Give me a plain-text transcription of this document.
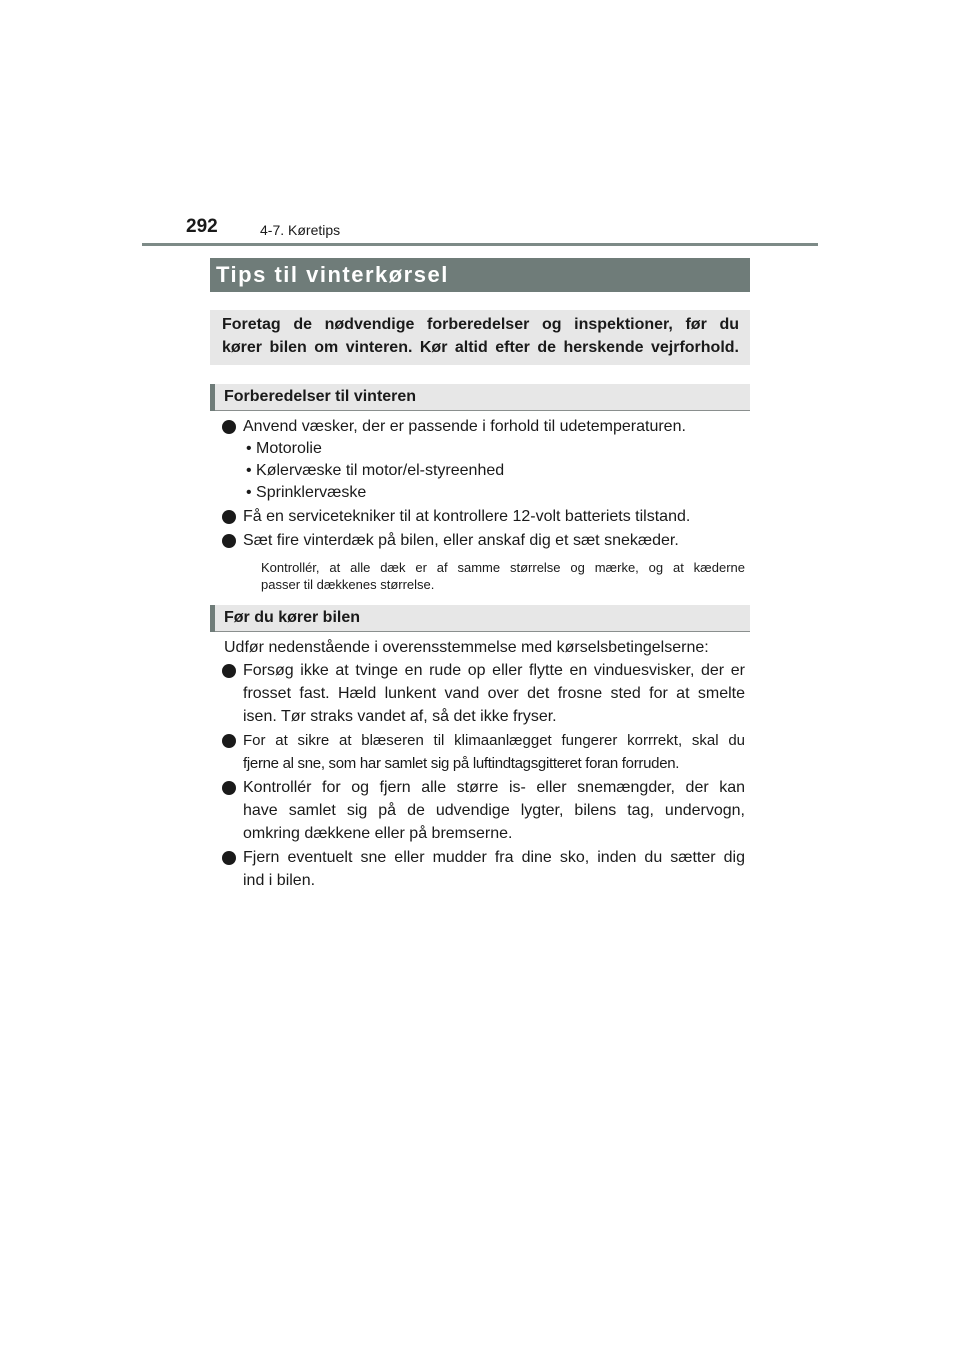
292	4-7. Køretips
Tips til vinterkørsel
Foretag de nødvendige forberedelser og inspektioner, før du
kører bilen om vinteren. Kør altid efter de herskende vejrforhold.
Forberedelser til vinteren
Anvend væsker, der er passende i forhold til udetemperaturen.
• Motorolie
• Kølervæske til motor/el-styreenhed
• Sprinklervæske
Få en servicetekniker til at kontrollere 12-volt batteriets tilstand.
Sæt fire vinterdæk på bilen, eller anskaf dig et sæt snekæder.
Kontrollér, at alle dæk er af samme størrelse og mærke, og at kæderne
passer til dækkenes størrelse.
Før du kører bilen
Udfør nedenstående i overensstemmelse med kørselsbetingelserne:
Forsøg ikke at tvinge en rude op eller flytte en vinduesvisker, der er
frosset fast. Hæld lunkent vand over det frosne sted for at smelte
isen. Tør straks vandet af, så det ikke fryser.
For at sikre at blæseren til klimaanlægget fungerer korrrekt, skal du
fjerne al sne, som har samlet sig på luftindtagsgitteret foran forruden.
Kontrollér for og fjern alle større is- eller snemængder, der kan
have samlet sig på de udvendige lygter, bilens tag, undervogn,
omkring dækkene eller på bremserne.
Fjern eventuelt sne eller mudder fra dine sko, inden du sætter dig
ind i bilen.
